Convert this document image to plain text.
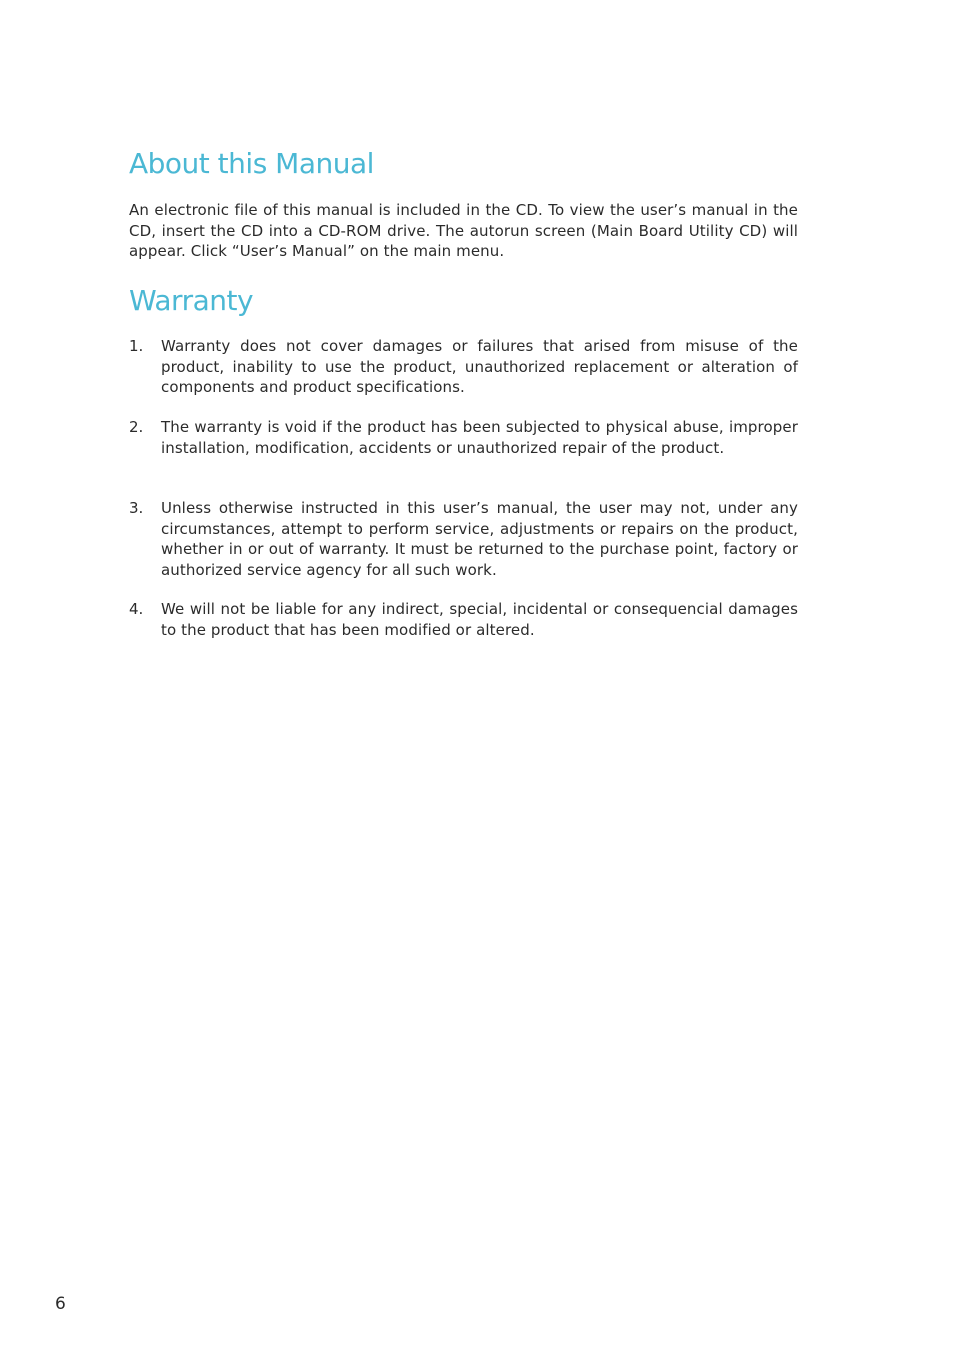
About this Manual

An electronic file of this manual is included in the CD. To view the user’s manual in the CD, insert the CD into a CD-ROM drive. The autorun screen (Main Board Utility CD) will appear. Click “User’s Manual” on the main menu.

Warranty
1.	Warranty does not cover damages or failures that arised from misuse of the product, inability to use the product, unauthorized replacement or alteration of components and product specifications.
2.	The warranty is void if the product has been subjected to physical abuse, improper installation, modification, accidents or unauthorized repair of the product.
3.	Unless otherwise instructed in this user’s manual, the user may not, under any circumstances, attempt to perform service, adjustments or repairs on the product, whether in or out of warranty. It must be returned to the purchase point, factory or authorized service agency for all such work.
4.	We will not be liable for any indirect, special, incidental or consequencial damages to the product that has been modified or altered.
6
